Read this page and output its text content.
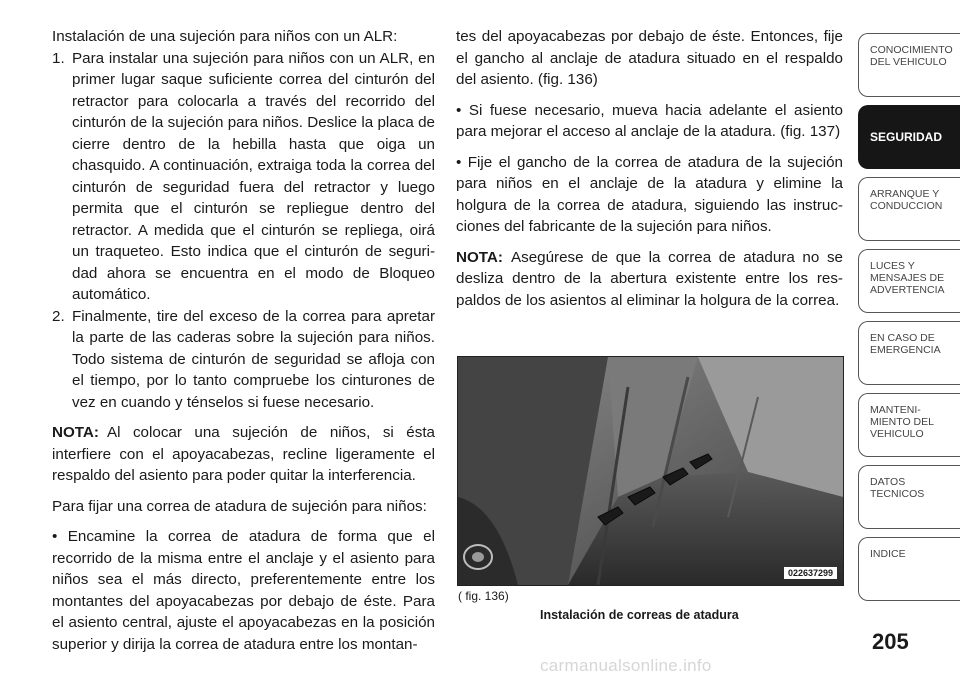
Instalación de una sujeción para niños con un ALR:

1. Para instalar una sujeción para niños con un ALR, en primer lugar saque suficiente correa del cinturón del retractor para colocarla a través del recorrido del cinturón de la sujeción para niños. Deslice la placa de cierre dentro de la hebilla hasta que oiga un chasquido. A continuación, extraiga toda la correa del cinturón de seguridad fuera del retractor y luego permita que el cinturón se repliegue dentro del retractor. A medida que el cinturón se repliega, oirá un traqueteo. Esto indica que el cinturón de seguri-dad ahora se encuentra en el modo de Bloqueo automático.
2. Finalmente, tire del exceso de la correa para apretar la parte de las caderas sobre la sujeción para niños. Todo sistema de cinturón de seguridad se afloja con el tiempo, por lo tanto compruebe los cinturones de vez en cuando y ténselos si fuese necesario.

NOTA: Al colocar una sujeción de niños, si ésta interfiere con el apoyacabezas, recline ligeramente el respaldo del asiento para poder quitar la interferencia.

Para fijar una correa de atadura de sujeción para niños:

• Encamine la correa de atadura de forma que el recorrido de la misma entre el anclaje y el asiento para niños sea el más directo, preferentemente entre los montantes del apoyacabezas por debajo de éste. Para el asiento central, ajuste el apoyacabezas en la posición superior y dirija la correa de atadura entre los montan-

tes del apoyacabezas por debajo de éste. Entonces, fije el gancho al anclaje de atadura situado en el respaldo del asiento. (fig. 136)

• Si fuese necesario, mueva hacia adelante el asiento para mejorar el acceso al anclaje de la atadura. (fig. 137)

• Fije el gancho de la correa de atadura de la sujeción para niños en el anclaje de la atadura y elimine la holgura de la correa de atadura, siguiendo las instruc-ciones del fabricante de la sujeción para niños.

NOTA: Asegúrese de que la correa de atadura no se desliza dentro de la abertura existente entre los res-paldos de los asientos al eliminar la holgura de la correa.

022637299
( fig. 136)
Instalación de correas de atadura
CONOCIMIENTO
DEL VEHICULO
SEGURIDAD
ARRANQUE Y
CONDUCCION
LUCES Y
MENSAJES DE
ADVERTENCIA
EN CASO DE
EMERGENCIA
MANTENI-
MIENTO DEL
VEHICULO
DATOS
TECNICOS
INDICE
205
carmanualsonline.info
